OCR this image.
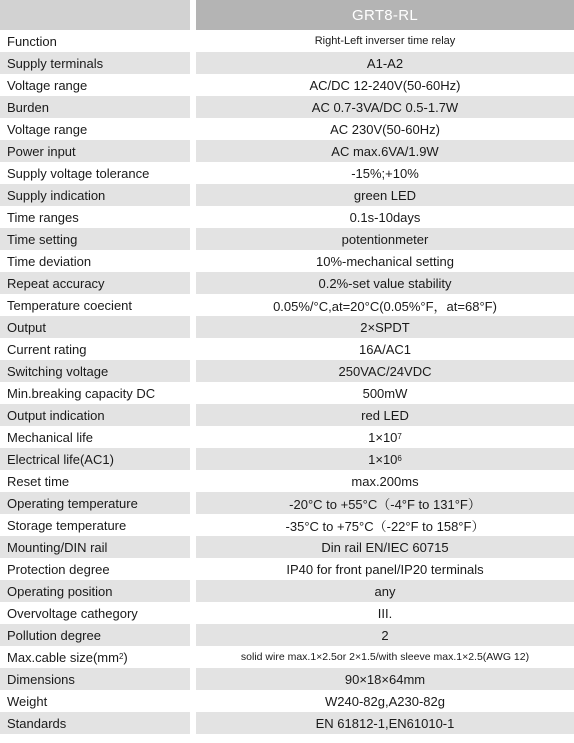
GRT8-RL
Function	Right-Left inverser time relay
Supply terminals	A1-A2
Voltage range	AC/DC 12-240V(50-60Hz)
Burden	AC 0.7-3VA/DC 0.5-1.7W
Voltage range	AC 230V(50-60Hz)
Power input	AC max.6VA/1.9W
Supply voltage tolerance	-15%;+10%
Supply indication	green LED
Time ranges	0.1s-10days
Time setting	potentionmeter
Time deviation	10%-mechanical setting
Repeat accuracy	0.2%-set value stability
Temperature coecient	0.05%/°C,at=20°C(0.05%°F，at=68°F)
Output	2×SPDT
Current rating	16A/AC1
Switching voltage	250VAC/24VDC
Min.breaking capacity DC	500mW
Output indication	red LED
Mechanical life	1×10 7
Electrical life(AC1)	1×10 6
Reset time	max.200ms
Operating temperature	-20°C to +55°C（-4°F to 131°F）
Storage temperature	-35°C to +75°C（-22°F to 158°F）
Mounting/DIN rail	Din rail EN/IEC 60715
Protection degree	IP40 for front panel/IP20 terminals
Operating position	any
Overvoltage cathegory	III.
Pollution degree	2
Max.cable size(mm 2 )	solid wire max.1×2.5or 2×1.5/with sleeve max.1×2.5(AWG 12)
Dimensions	90×18×64mm
Weight	W240-82g,A230-82g
Standards	EN 61812-1,EN61010-1
